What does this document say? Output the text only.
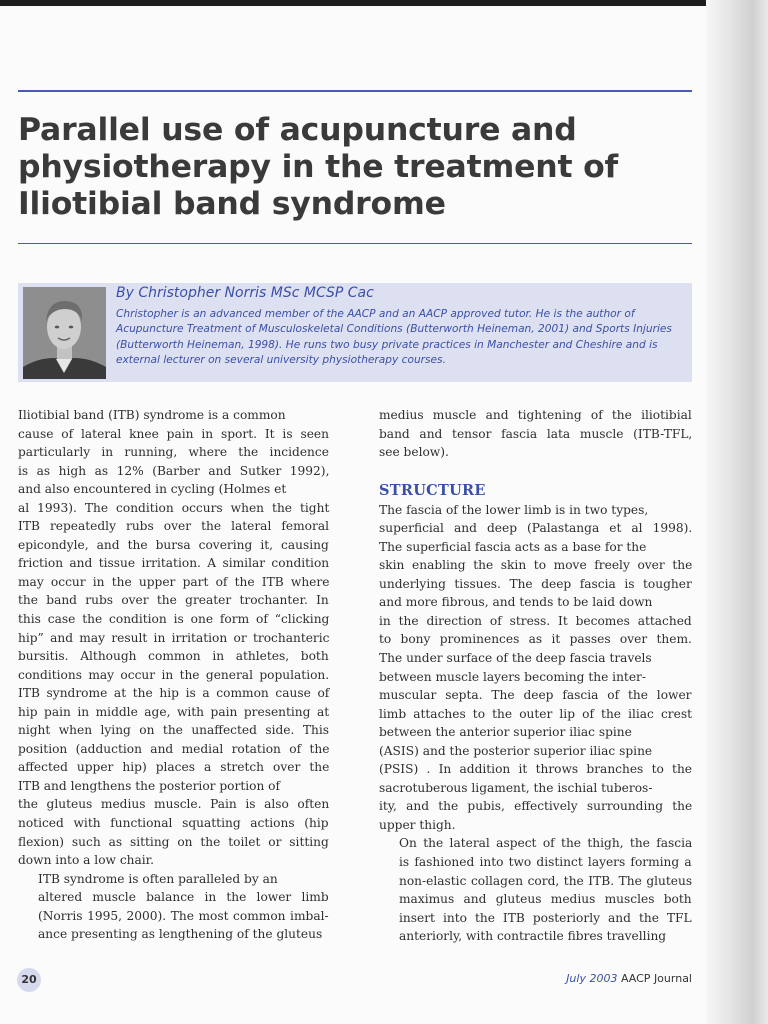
Parallel use of acupuncture and physiotherapy in the treatment of Iliotibial band syndrome

By Christopher Norris MSc MCSP Cac

Christopher is an advanced member of the AACP and an AACP approved tutor. He is the author of Acupuncture Treatment of Musculoskeletal Conditions (Butterworth Heineman, 2001) and Sports Injuries (Butterworth Heineman, 1998). He runs two busy private practices in Manchester and Cheshire and is external lecturer on several university physiotherapy courses.

Iliotibial band (ITB) syndrome is a common
cause of lateral knee pain in sport. It is seen
particularly in running, where the incidence
is as high as 12% (Barber and Sutker 1992),
and also encountered in cycling (Holmes et
al 1993). The condition occurs when the tight
ITB repeatedly rubs over the lateral femoral
epicondyle, and the bursa covering it, causing
friction and tissue irritation. A similar condition
may occur in the upper part of the ITB where
the band rubs over the greater trochanter. In
this case the condition is one form of “clicking
hip” and may result in irritation or trochanteric
bursitis. Although common in athletes, both
conditions may occur in the general population.
ITB syndrome at the hip is a common cause of
hip pain in middle age, with pain presenting at
night when lying on the unaffected side. This
position (adduction and medial rotation of the
affected upper hip) places a stretch over the
ITB and lengthens the posterior portion of
the gluteus medius muscle. Pain is also often
noticed with functional squatting actions (hip
flexion) such as sitting on the toilet or sitting
down into a low chair.

ITB syndrome is often paralleled by an
altered muscle balance in the lower limb
(Norris 1995, 2000). The most common imbal-
ance presenting as lengthening of the gluteus

medius muscle and tightening of the iliotibial
band and tensor fascia lata muscle (ITB-TFL,
see below).

STRUCTURE

The fascia of the lower limb is in two types,
superficial and deep (Palastanga et al 1998).
The superficial fascia acts as a base for the
skin enabling the skin to move freely over the
underlying tissues. The deep fascia is tougher
and more fibrous, and tends to be laid down
in the direction of stress. It becomes attached
to bony prominences as it passes over them.
The under surface of the deep fascia travels
between muscle layers becoming the inter-
muscular septa. The deep fascia of the lower
limb attaches to the outer lip of the iliac crest
between the anterior superior iliac spine
(ASIS) and the posterior superior iliac spine
(PSIS) . In addition it throws branches to the
sacrotuberous ligament, the ischial tuberos-
ity, and the pubis, effectively surrounding the
upper thigh.

On the lateral aspect of the thigh, the fascia
is fashioned into two distinct layers forming a
non-elastic collagen cord, the ITB. The gluteus
maximus and gluteus medius muscles both
insert into the ITB posteriorly and the TFL
anteriorly, with contractile fibres travelling

20	July 2003 AACP Journal
